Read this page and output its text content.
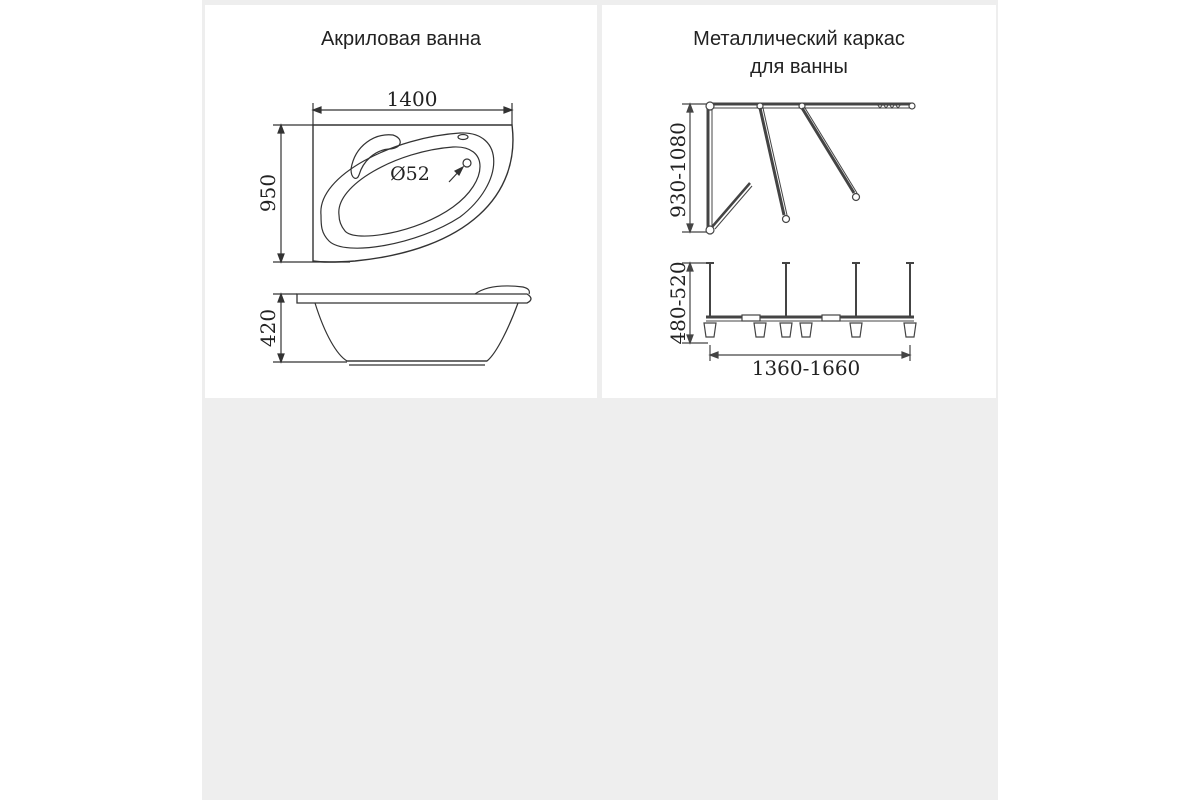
Акриловая ванна
1400
Ø52
950
420
Металлический каркас
для ванны
930-1080
480-520
1360-1660
